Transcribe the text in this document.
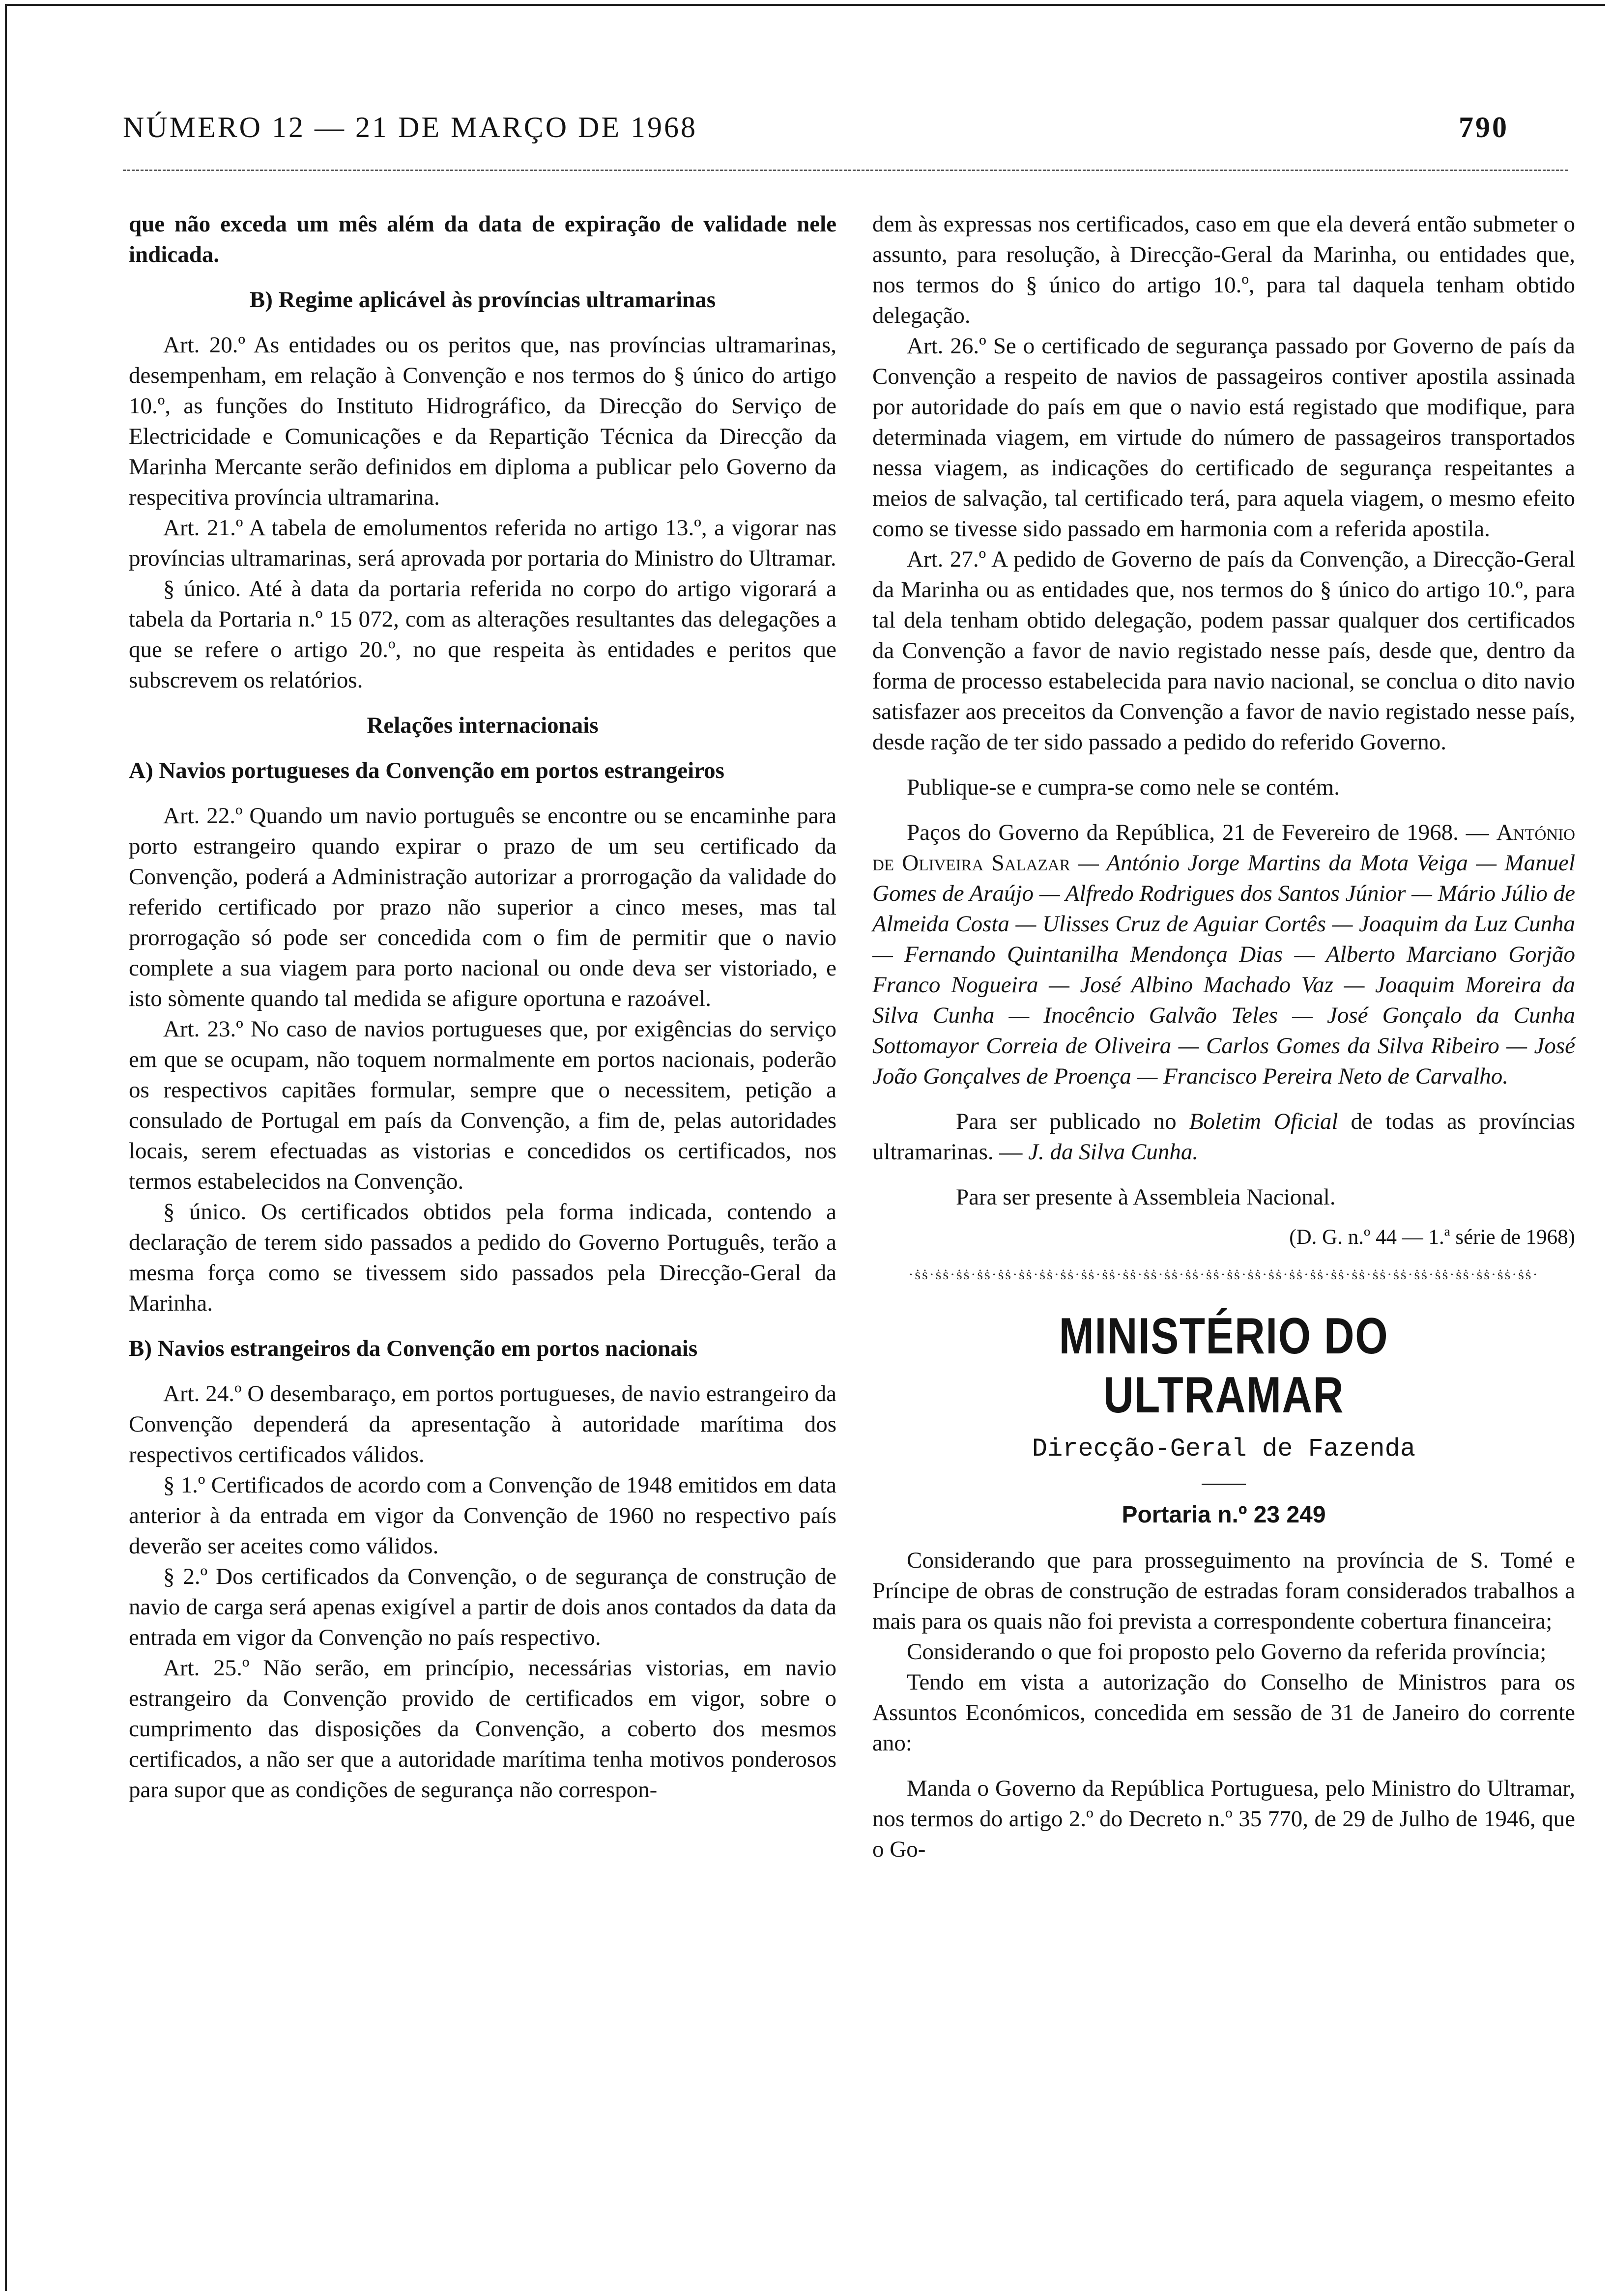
NÚMERO 12 — 21 DE MARÇO DE 1968	790

que não exceda um mês além da data de expiração de validade nele indicada.

B) Regime aplicável às províncias ultramarinas

Art. 20.º As entidades ou os peritos que, nas províncias ultramarinas, desempenham, em relação à Convenção e nos termos do § único do artigo 10.º, as funções do Instituto Hidrográfico, da Direcção do Serviço de Electricidade e Comunicações e da Repartição Técnica da Direcção da Marinha Mercante serão definidos em diploma a publicar pelo Governo da respecitiva província ultramarina.

Art. 21.º A tabela de emolumentos referida no artigo 13.º, a vigorar nas províncias ultramarinas, será aprovada por portaria do Ministro do Ultramar.

§ único. Até à data da portaria referida no corpo do artigo vigorará a tabela da Portaria n.º 15 072, com as alterações resultantes das delegações a que se refere o artigo 20.º, no que respeita às entidades e peritos que subscrevem os relatórios.

Relações internacionais

A) Navios portugueses da Convenção em portos estrangeiros

Art. 22.º Quando um navio português se encontre ou se encaminhe para porto estrangeiro quando expirar o prazo de um seu certificado da Convenção, poderá a Administração autorizar a prorrogação da validade do referido certificado por prazo não superior a cinco meses, mas tal prorrogação só pode ser concedida com o fim de permitir que o navio complete a sua viagem para porto nacional ou onde deva ser vistoriado, e isto sòmente quando tal medida se afigure oportuna e razoável.

Art. 23.º No caso de navios portugueses que, por exigências do serviço em que se ocupam, não toquem normalmente em portos nacionais, poderão os respectivos capitães formular, sempre que o necessitem, petição a consulado de Portugal em país da Convenção, a fim de, pelas autoridades locais, serem efectuadas as vistorias e concedidos os certificados, nos termos estabelecidos na Convenção.

§ único. Os certificados obtidos pela forma indicada, contendo a declaração de terem sido passados a pedido do Governo Português, terão a mesma força como se tivessem sido passados pela Direcção-Geral da Marinha.

B) Navios estrangeiros da Convenção em portos nacionais

Art. 24.º O desembaraço, em portos portugueses, de navio estrangeiro da Convenção dependerá da apresentação à autoridade marítima dos respectivos certificados válidos.

§ 1.º Certificados de acordo com a Convenção de 1948 emitidos em data anterior à da entrada em vigor da Convenção de 1960 no respectivo país deverão ser aceites como válidos.

§ 2.º Dos certificados da Convenção, o de segurança de construção de navio de carga será apenas exigível a partir de dois anos contados da data da entrada em vigor da Convenção no país respectivo.

Art. 25.º Não serão, em princípio, necessárias vistorias, em navio estrangeiro da Convenção provido de certificados em vigor, sobre o cumprimento das disposições da Convenção, a coberto dos mesmos certificados, a não ser que a autoridade marítima tenha motivos ponderosos para supor que as condições de segurança não correspon-

dem às expressas nos certificados, caso em que ela deverá então submeter o assunto, para resolução, à Direcção-Geral da Marinha, ou entidades que, nos termos do § único do artigo 10.º, para tal daquela tenham obtido delegação.

Art. 26.º Se o certificado de segurança passado por Governo de país da Convenção a respeito de navios de passageiros contiver apostila assinada por autoridade do país em que o navio está registado que modifique, para determinada viagem, em virtude do número de passageiros transportados nessa viagem, as indicações do certificado de segurança respeitantes a meios de salvação, tal certificado terá, para aquela viagem, o mesmo efeito como se tivesse sido passado em harmonia com a referida apostila.

Art. 27.º A pedido de Governo de país da Convenção, a Direcção-Geral da Marinha ou as entidades que, nos termos do § único do artigo 10.º, para tal dela tenham obtido delegação, podem passar qualquer dos certificados da Convenção a favor de navio registado nesse país, desde que, dentro da forma de processo estabelecida para navio nacional, se conclua o dito navio satisfazer aos preceitos da Convenção a favor de navio registado nesse país, desde ração de ter sido passado a pedido do referido Governo.

Publique-se e cumpra-se como nele se contém.

Paços do Governo da República, 21 de Fevereiro de 1968. — António de Oliveira Salazar — António Jorge Martins da Mota Veiga — Manuel Gomes de Araújo — Alfredo Rodrigues dos Santos Júnior — Mário Júlio de Almeida Costa — Ulisses Cruz de Aguiar Cortês — Joaquim da Luz Cunha — Fernando Quintanilha Mendonça Dias — Alberto Marciano Gorjão Franco Nogueira — José Albino Machado Vaz — Joaquim Moreira da Silva Cunha — Inocêncio Galvão Teles — José Gonçalo da Cunha Sottomayor Correia de Oliveira — Carlos Gomes da Silva Ribeiro — José João Gonçalves de Proença — Francisco Pereira Neto de Carvalho.

Para ser publicado no Boletim Oficial de todas as províncias ultramarinas. — J. da Silva Cunha.

Para ser presente à Assembleia Nacional.

(D. G. n.º 44 — 1.ª série de 1968)

·ṡṡ·ṡṡ·ṡṡ·ṡṡ·ṡṡ·ṡṡ·ṡṡ·ṡṡ·ṡṡ·ṡṡ·ṡṡ·ṡṡ·ṡṡ·ṡṡ·ṡṡ·ṡṡ·ṡṡ·ṡṡ·ṡṡ·ṡṡ·ṡṡ·ṡṡ·ṡṡ·ṡṡ·ṡṡ·ṡṡ·ṡṡ·ṡṡ·ṡṡ·ṡṡ·
MINISTÉRIO DO ULTRAMAR
Direcção-Geral de Fazenda
Portaria n.º 23 249

Considerando que para prosseguimento na província de S. Tomé e Príncipe de obras de construção de estradas foram considerados trabalhos a mais para os quais não foi prevista a correspondente cobertura financeira;

Considerando o que foi proposto pelo Governo da referida província;

Tendo em vista a autorização do Conselho de Ministros para os Assuntos Económicos, concedida em sessão de 31 de Janeiro do corrente ano:

Manda o Governo da República Portuguesa, pelo Ministro do Ultramar, nos termos do artigo 2.º do Decreto n.º 35 770, de 29 de Julho de 1946, que o Go-
